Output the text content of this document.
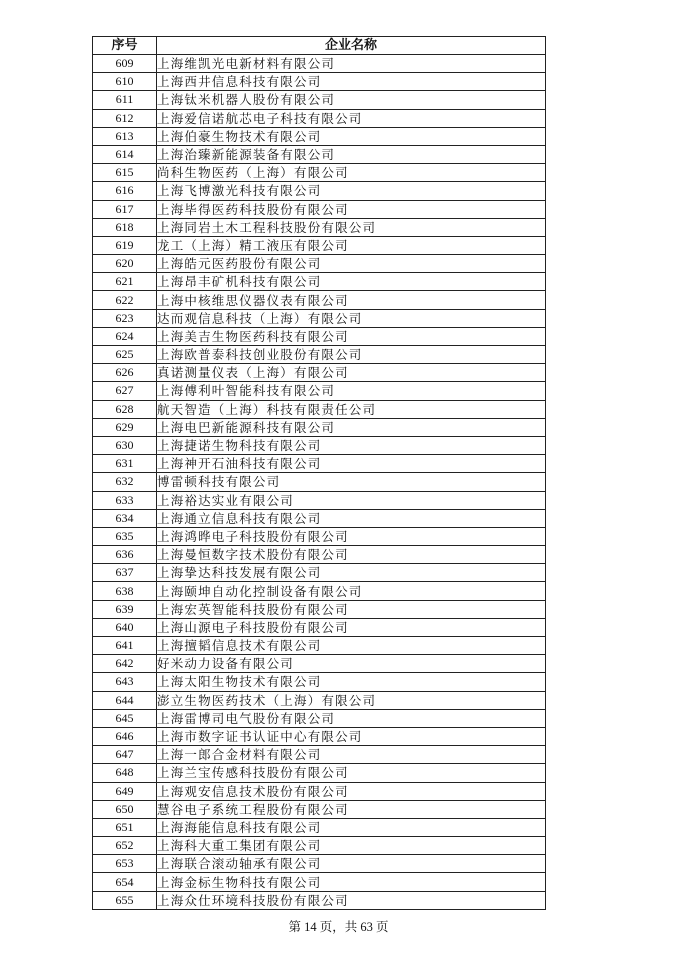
序号	企业名称
609	上海维凯光电新材料有限公司
610	上海西井信息科技有限公司
611	上海钛米机器人股份有限公司
612	上海爱信诺航芯电子科技有限公司
613	上海伯豪生物技术有限公司
614	上海治臻新能源装备有限公司
615	尚科生物医药（上海）有限公司
616	上海飞博激光科技有限公司
617	上海毕得医药科技股份有限公司
618	上海同岩土木工程科技股份有限公司
619	龙工（上海）精工液压有限公司
620	上海皓元医药股份有限公司
621	上海昂丰矿机科技有限公司
622	上海中核维思仪器仪表有限公司
623	达而观信息科技（上海）有限公司
624	上海美吉生物医药科技有限公司
625	上海欧普泰科技创业股份有限公司
626	真诺测量仪表（上海）有限公司
627	上海傅利叶智能科技有限公司
628	航天智造（上海）科技有限责任公司
629	上海电巴新能源科技有限公司
630	上海捷诺生物科技有限公司
631	上海神开石油科技有限公司
632	博雷顿科技有限公司
633	上海裕达实业有限公司
634	上海通立信息科技有限公司
635	上海鸿晔电子科技股份有限公司
636	上海曼恒数字技术股份有限公司
637	上海挚达科技发展有限公司
638	上海颐坤自动化控制设备有限公司
639	上海宏英智能科技股份有限公司
640	上海山源电子科技股份有限公司
641	上海擅韬信息技术有限公司
642	好米动力设备有限公司
643	上海太阳生物技术有限公司
644	澎立生物医药技术（上海）有限公司
645	上海雷博司电气股份有限公司
646	上海市数字证书认证中心有限公司
647	上海一郎合金材料有限公司
648	上海兰宝传感科技股份有限公司
649	上海观安信息技术股份有限公司
650	慧谷电子系统工程股份有限公司
651	上海海能信息科技有限公司
652	上海科大重工集团有限公司
653	上海联合滚动轴承有限公司
654	上海金标生物科技有限公司
655	上海众仕环境科技股份有限公司
第 14 页，共 63 页
